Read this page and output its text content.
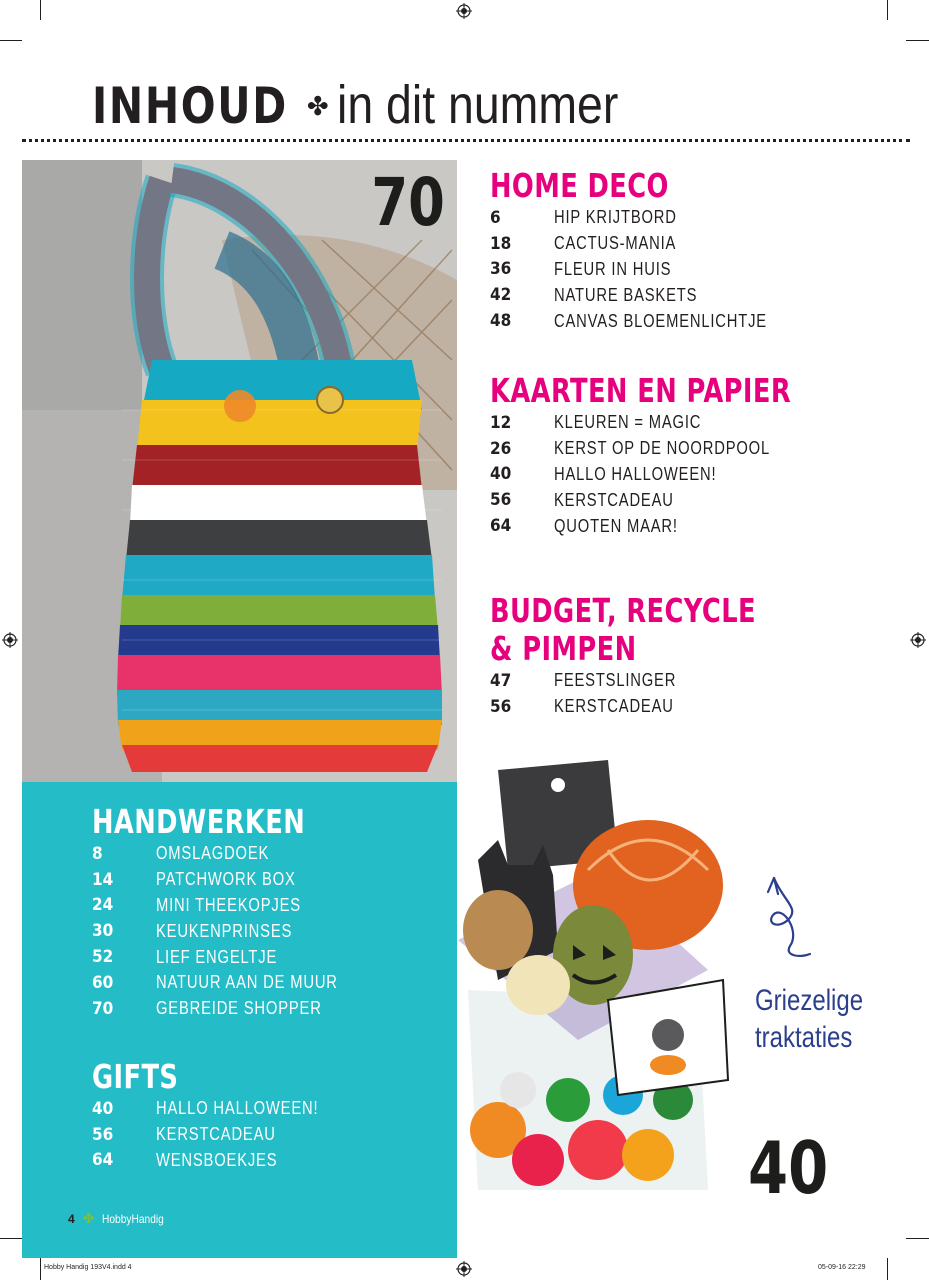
INHOUD ✤ in dit nummer
70 HOME DECO
6	HIP KRIJTBORD
18	CACTUS-MANIA
36	FLEUR IN HUIS
42	NATURE BASKETS
48	CANVAS BLOEMENLICHTJE
KAARTEN EN PAPIER
12	KLEUREN = MAGIC
26	KERST OP DE NOORDPOOL
40	HALLO HALLOWEEN!
56	KERSTCADEAU
64	QUOTEN MAAR!
BUDGET, RECYCLE
& PIMPEN
47	FEESTSLINGER
56	KERSTCADEAU
HANDWERKEN
8	OMSLAGDOEK
14	PATCHWORK BOX
24	MINI THEEKOPJES
30	KEUKENPRINSES
52	LIEF ENGELTJE
60	NATUUR AAN DE MUUR
70	GEBREIDE SHOPPER
GIFTS
40	HALLO HALLOWEEN!
56	KERSTCADEAU
64	WENSBOEKJES
Griezelige
traktaties
40
4 ✤ HobbyHandig
Hobby Handig 193V4.indd 4	05-09-16 22:29
